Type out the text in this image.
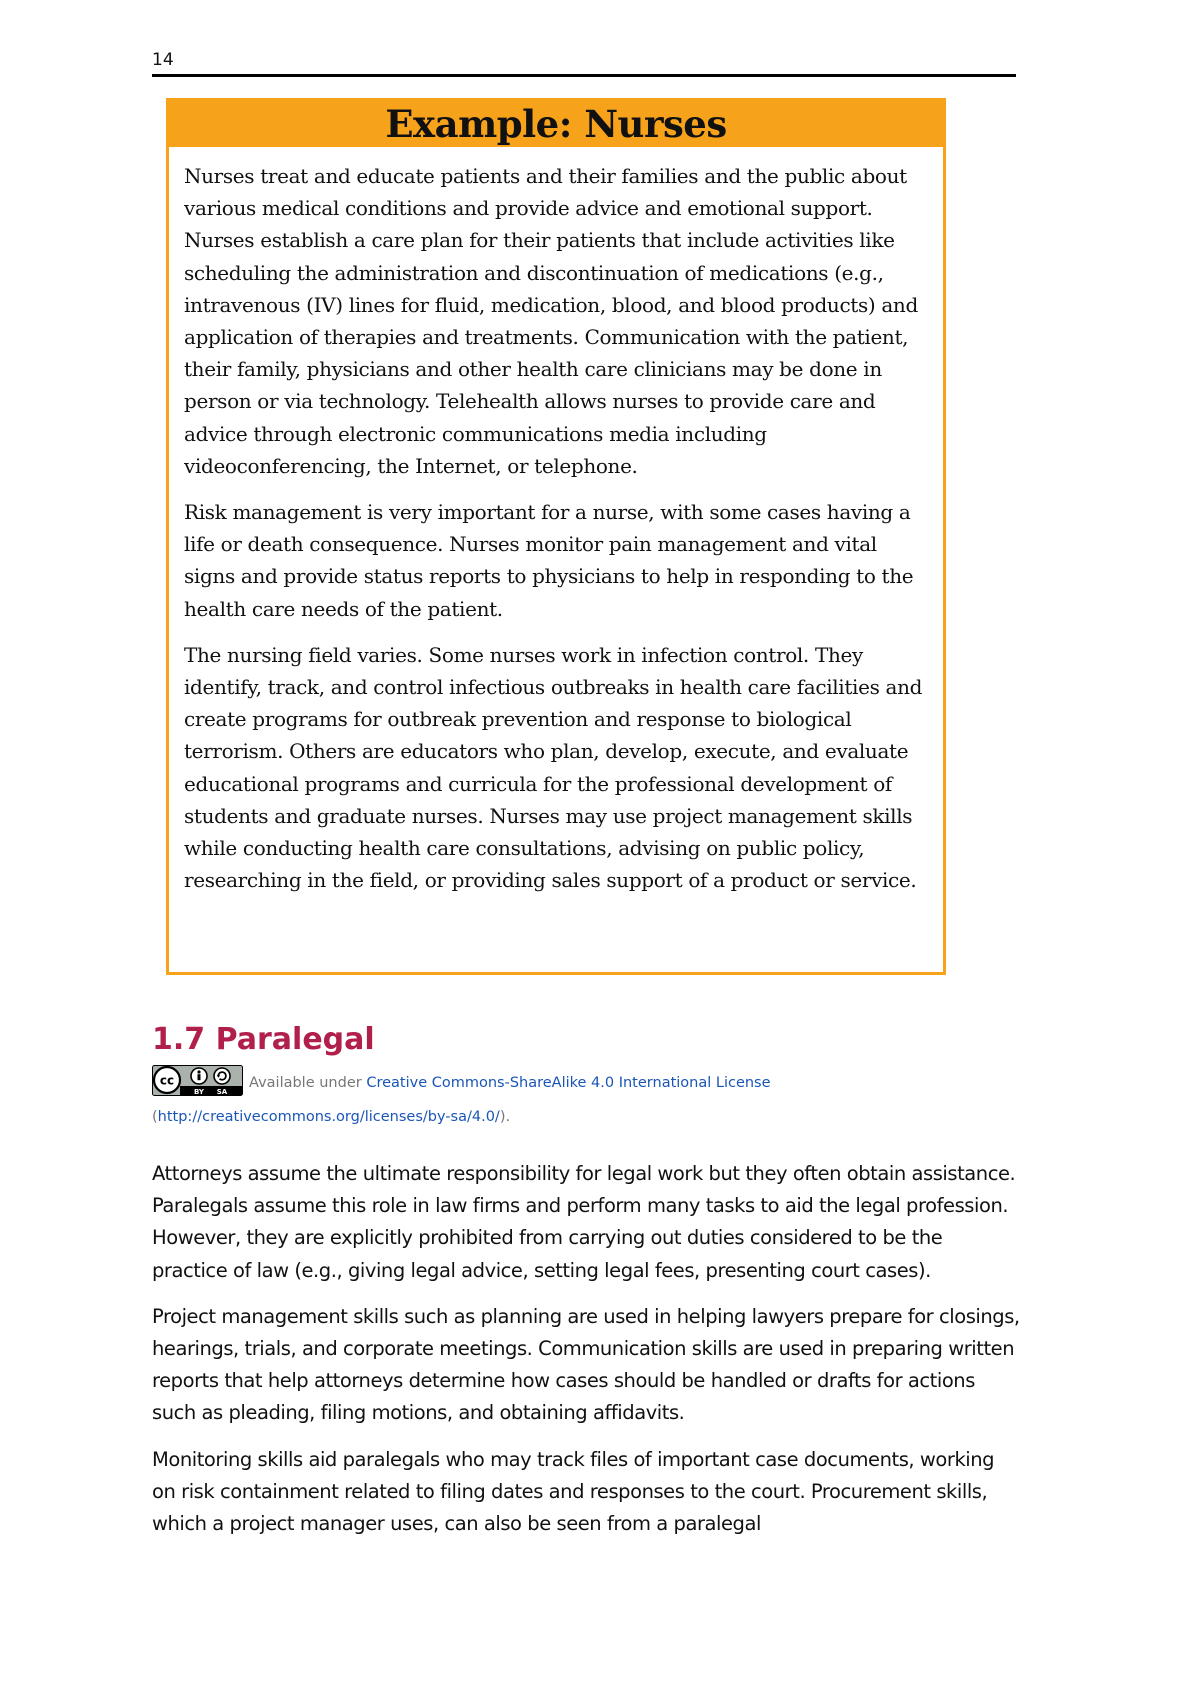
14
Example: Nurses

Nurses treat and educate patients and their families and the public about various medical conditions and provide advice and emotional support. Nurses establish a care plan for their patients that include activities like scheduling the administration and discontinuation of medications (e.g., intravenous (IV) lines for fluid, medication, blood, and blood products) and application of therapies and treatments. Communication with the patient, their family, physicians and other health care clinicians may be done in person or via technology. Telehealth allows nurses to provide care and advice through electronic communications media including videoconferencing, the Internet, or telephone.

Risk management is very important for a nurse, with some cases having a life or death consequence. Nurses monitor pain management and vital signs and provide status reports to physicians to help in responding to the health care needs of the patient.

The nursing field varies. Some nurses work in infection control. They identify, track, and control infectious outbreaks in health care facilities and create programs for outbreak prevention and response to biological terrorism. Others are educators who plan, develop, execute, and evaluate educational programs and curricula for the professional development of students and graduate nurses. Nurses may use project management skills while conducting health care consultations, advising on public policy, researching in the field, or providing sales support of a product or service.

1.7 Paralegal
cc
BY SA
Available under Creative Commons-ShareAlike 4.0 International License (http://creativecommons.org/licenses/by-sa/4.0/).

Attorneys assume the ultimate responsibility for legal work but they often obtain assistance. Paralegals assume this role in law firms and perform many tasks to aid the legal profession. However, they are explicitly prohibited from carrying out duties considered to be the practice of law (e.g., giving legal advice, setting legal fees, presenting court cases).

Project management skills such as planning are used in helping lawyers prepare for closings, hearings, trials, and corporate meetings. Communication skills are used in preparing written reports that help attorneys determine how cases should be handled or drafts for actions such as pleading, filing motions, and obtaining affidavits.

Monitoring skills aid paralegals who may track files of important case documents, working on risk containment related to filing dates and responses to the court. Procurement skills, which a project manager uses, can also be seen from a paralegal
